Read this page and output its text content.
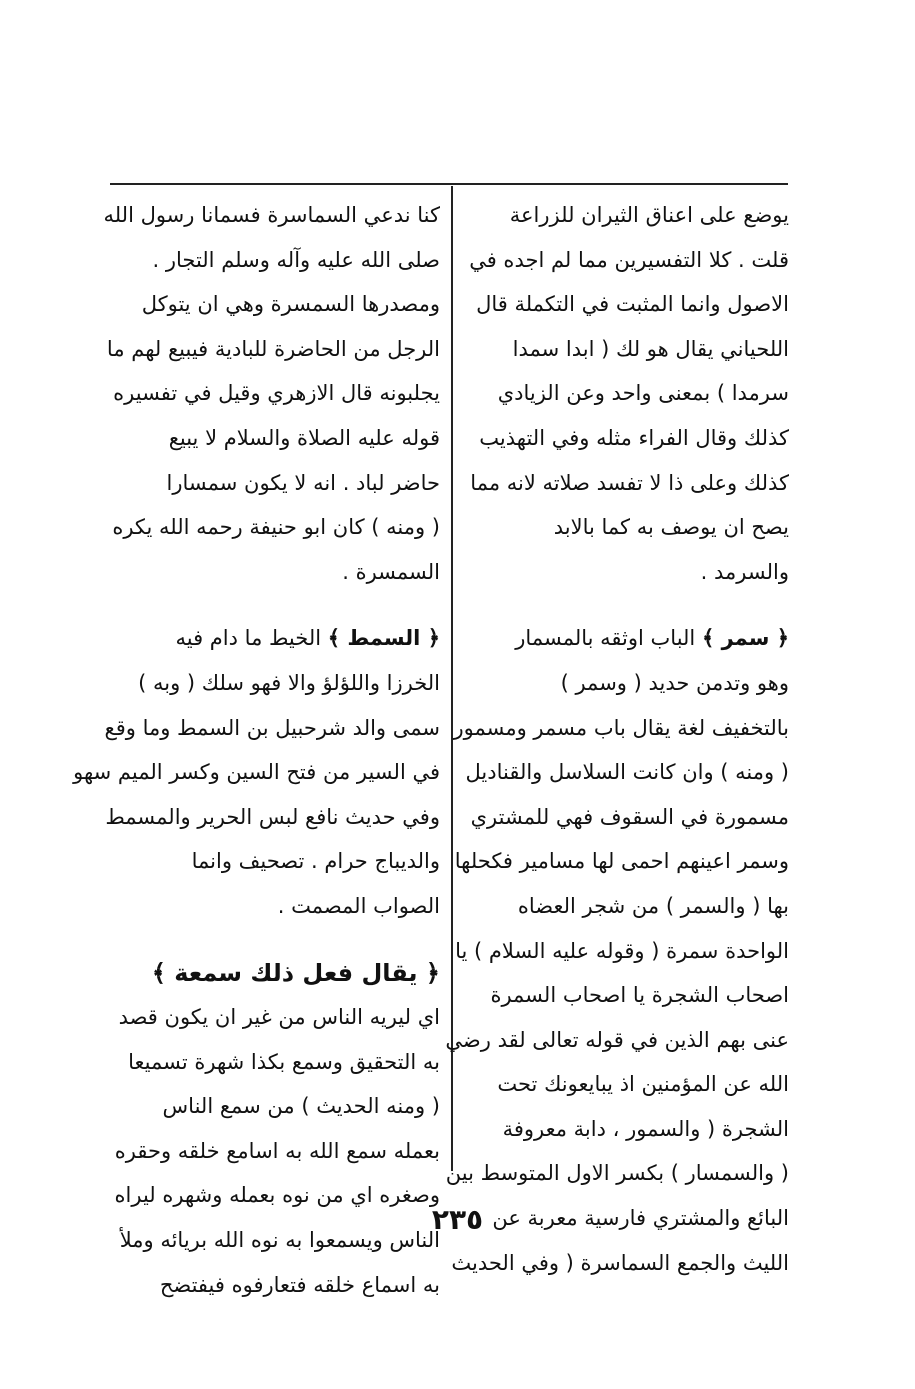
يوضع على اعناق الثيران للزراعة
قلت . كلا التفسيرين مما لم اجده في
الاصول وانما المثبت في التكملة قال
اللحياني يقال هو لك ( ابدا سمدا
سرمدا ) بمعنى واحد وعن الزيادي
كذلك وقال الفراء مثله وفي التهذيب
كذلك وعلى ذا لا تفسد صلاته لانه مما
يصح ان يوصف به كما بالابد
والسرمد .
﴿ سمر ﴾ الباب اوثقه بالمسمار
وهو وتدمن حديد ( وسمر )
بالتخفيف لغة يقال باب مسمر ومسمور
( ومنه ) وان كانت السلاسل والقناديل
مسمورة في السقوف فهي للمشتري
وسمر اعينهم احمى لها مسامير فكحلها
بها ( والسمر ) من شجر العضاه
الواحدة سمرة ( وقوله عليه السلام ) يا
اصحاب الشجرة يا اصحاب السمرة
عنى بهم الذين في قوله تعالى لقد رضي
الله عن المؤمنين اذ يبايعونك تحت
الشجرة ( والسمور ، دابة معروفة
( والسمسار ) بكسر الاول المتوسط بين
البائع والمشتري فارسية معربة عن
الليث والجمع السماسرة ( وفي الحديث
كنا ندعي السماسرة فسمانا رسول الله
صلى الله عليه وآله وسلم التجار .
ومصدرها السمسرة وهي ان يتوكل
الرجل من الحاضرة للبادية فيبيع لهم ما
يجلبونه قال الازهري وقيل في تفسيره
قوله عليه الصلاة والسلام لا يبيع
حاضر لباد . انه لا يكون سمسارا
( ومنه ) كان ابو حنيفة رحمه الله يكره
السمسرة .
﴿ السمط ﴾ الخيط ما دام فيه
الخرزا واللؤلؤ والا فهو سلك ( وبه )
سمى والد شرحبيل بن السمط وما وقع
في السير من فتح السين وكسر الميم سهو
وفي حديث نافع لبس الحرير والمسمط
والديباج حرام . تصحيف وانما
الصواب المصمت .
﴿ يقال فعل ذلك سمعة ﴾
اي ليريه الناس من غير ان يكون قصد
به التحقيق وسمع بكذا شهرة تسميعا
( ومنه الحديث ) من سمع الناس
بعمله سمع الله به اسامع خلقه وحقره
وصغره اي من نوه بعمله وشهره ليراه
الناس ويسمعوا به نوه الله بريائه وملأ
به اسماع خلقه فتعارفوه فيفتضح
٢٣٥
